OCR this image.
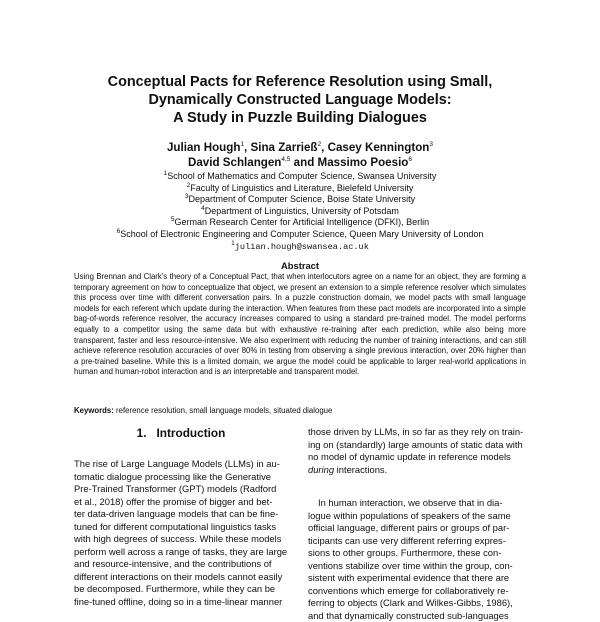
Conceptual Pacts for Reference Resolution using Small,
Dynamically Constructed Language Models:
A Study in Puzzle Building Dialogues
Julian Hough$^1$, Sina Zarrieß$^2$, Casey Kennington$^3$
David Schlangen$^{4,5}$ and Massimo Poesio$^6$
$^1$School of Mathematics and Computer Science, Swansea University
$^2$Faculty of Linguistics and Literature, Bielefeld University
$^3$Department of Computer Science, Boise State University
$^4$Department of Linguistics, University of Potsdam
$^5$German Research Center for Artificial Intelligence (DFKI), Berlin
$^6$School of Electronic Engineering and Computer Science, Queen Mary University of London
$^1$julian.hough@swansea.ac.uk
Abstract

Using Brennan and Clark's theory of a Conceptual Pact, that when interlocutors agree on a name for an object, they are forming a temporary agreement on how to conceptualize that object, we present an extension to a simple reference resolver which simulates this process over time with different conversation pairs. In a puzzle construction domain, we model pacts with small language models for each referent which update during the interaction. When features from these pact models are incorporated into a simple bag-of-words reference resolver, the accuracy increases compared to using a standard pre-trained model. The model performs equally to a competitor using the same data but with exhaustive re-training after each prediction, while also being more transparent, faster and less resource-intensive. We also experiment with reducing the number of training interactions, and can still achieve reference resolution accuracies of over 80% in testing from observing a single previous interaction, over 20% higher than a pre-trained baseline. While this is a limited domain, we argue the model could be applicable to larger real-world applications in human and human-robot interaction and is an interpretable and transparent model.

Keywords: reference resolution, small language models, situated dialogue

1. Introduction
The rise of Large Language Models (LLMs) in au-
tomatic dialogue processing like the Generative
Pre-Trained Transformer (GPT) models (Radford
et al., 2018) offer the promise of bigger and bet-
ter data-driven language models that can be fine-
tuned for different computational linguistics tasks
with high degrees of success. While these models
perform well across a range of tasks, they are large
and resource-intensive, and the contributions of
different interactions on their models cannot easily
be decomposed. Furthermore, while they can be
fine-tuned offline, doing so in a time-linear manner
those driven by LLMs, in so far as they rely on train-
ing on (standardly) large amounts of static data with
no model of dynamic update in reference models
during interactions.
In human interaction, we observe that in dia-
logue within populations of speakers of the same
official language, different pairs or groups of par-
ticipants can use very different referring expres-
sions to other groups. Furthermore, these con-
ventions stabilize over time within the group, con-
sistent with experimental evidence that there are
conventions which emerge for collaboratively re-
ferring to objects (Clark and Wilkes-Gibbs, 1986),
and that dynamically constructed sub-languages
